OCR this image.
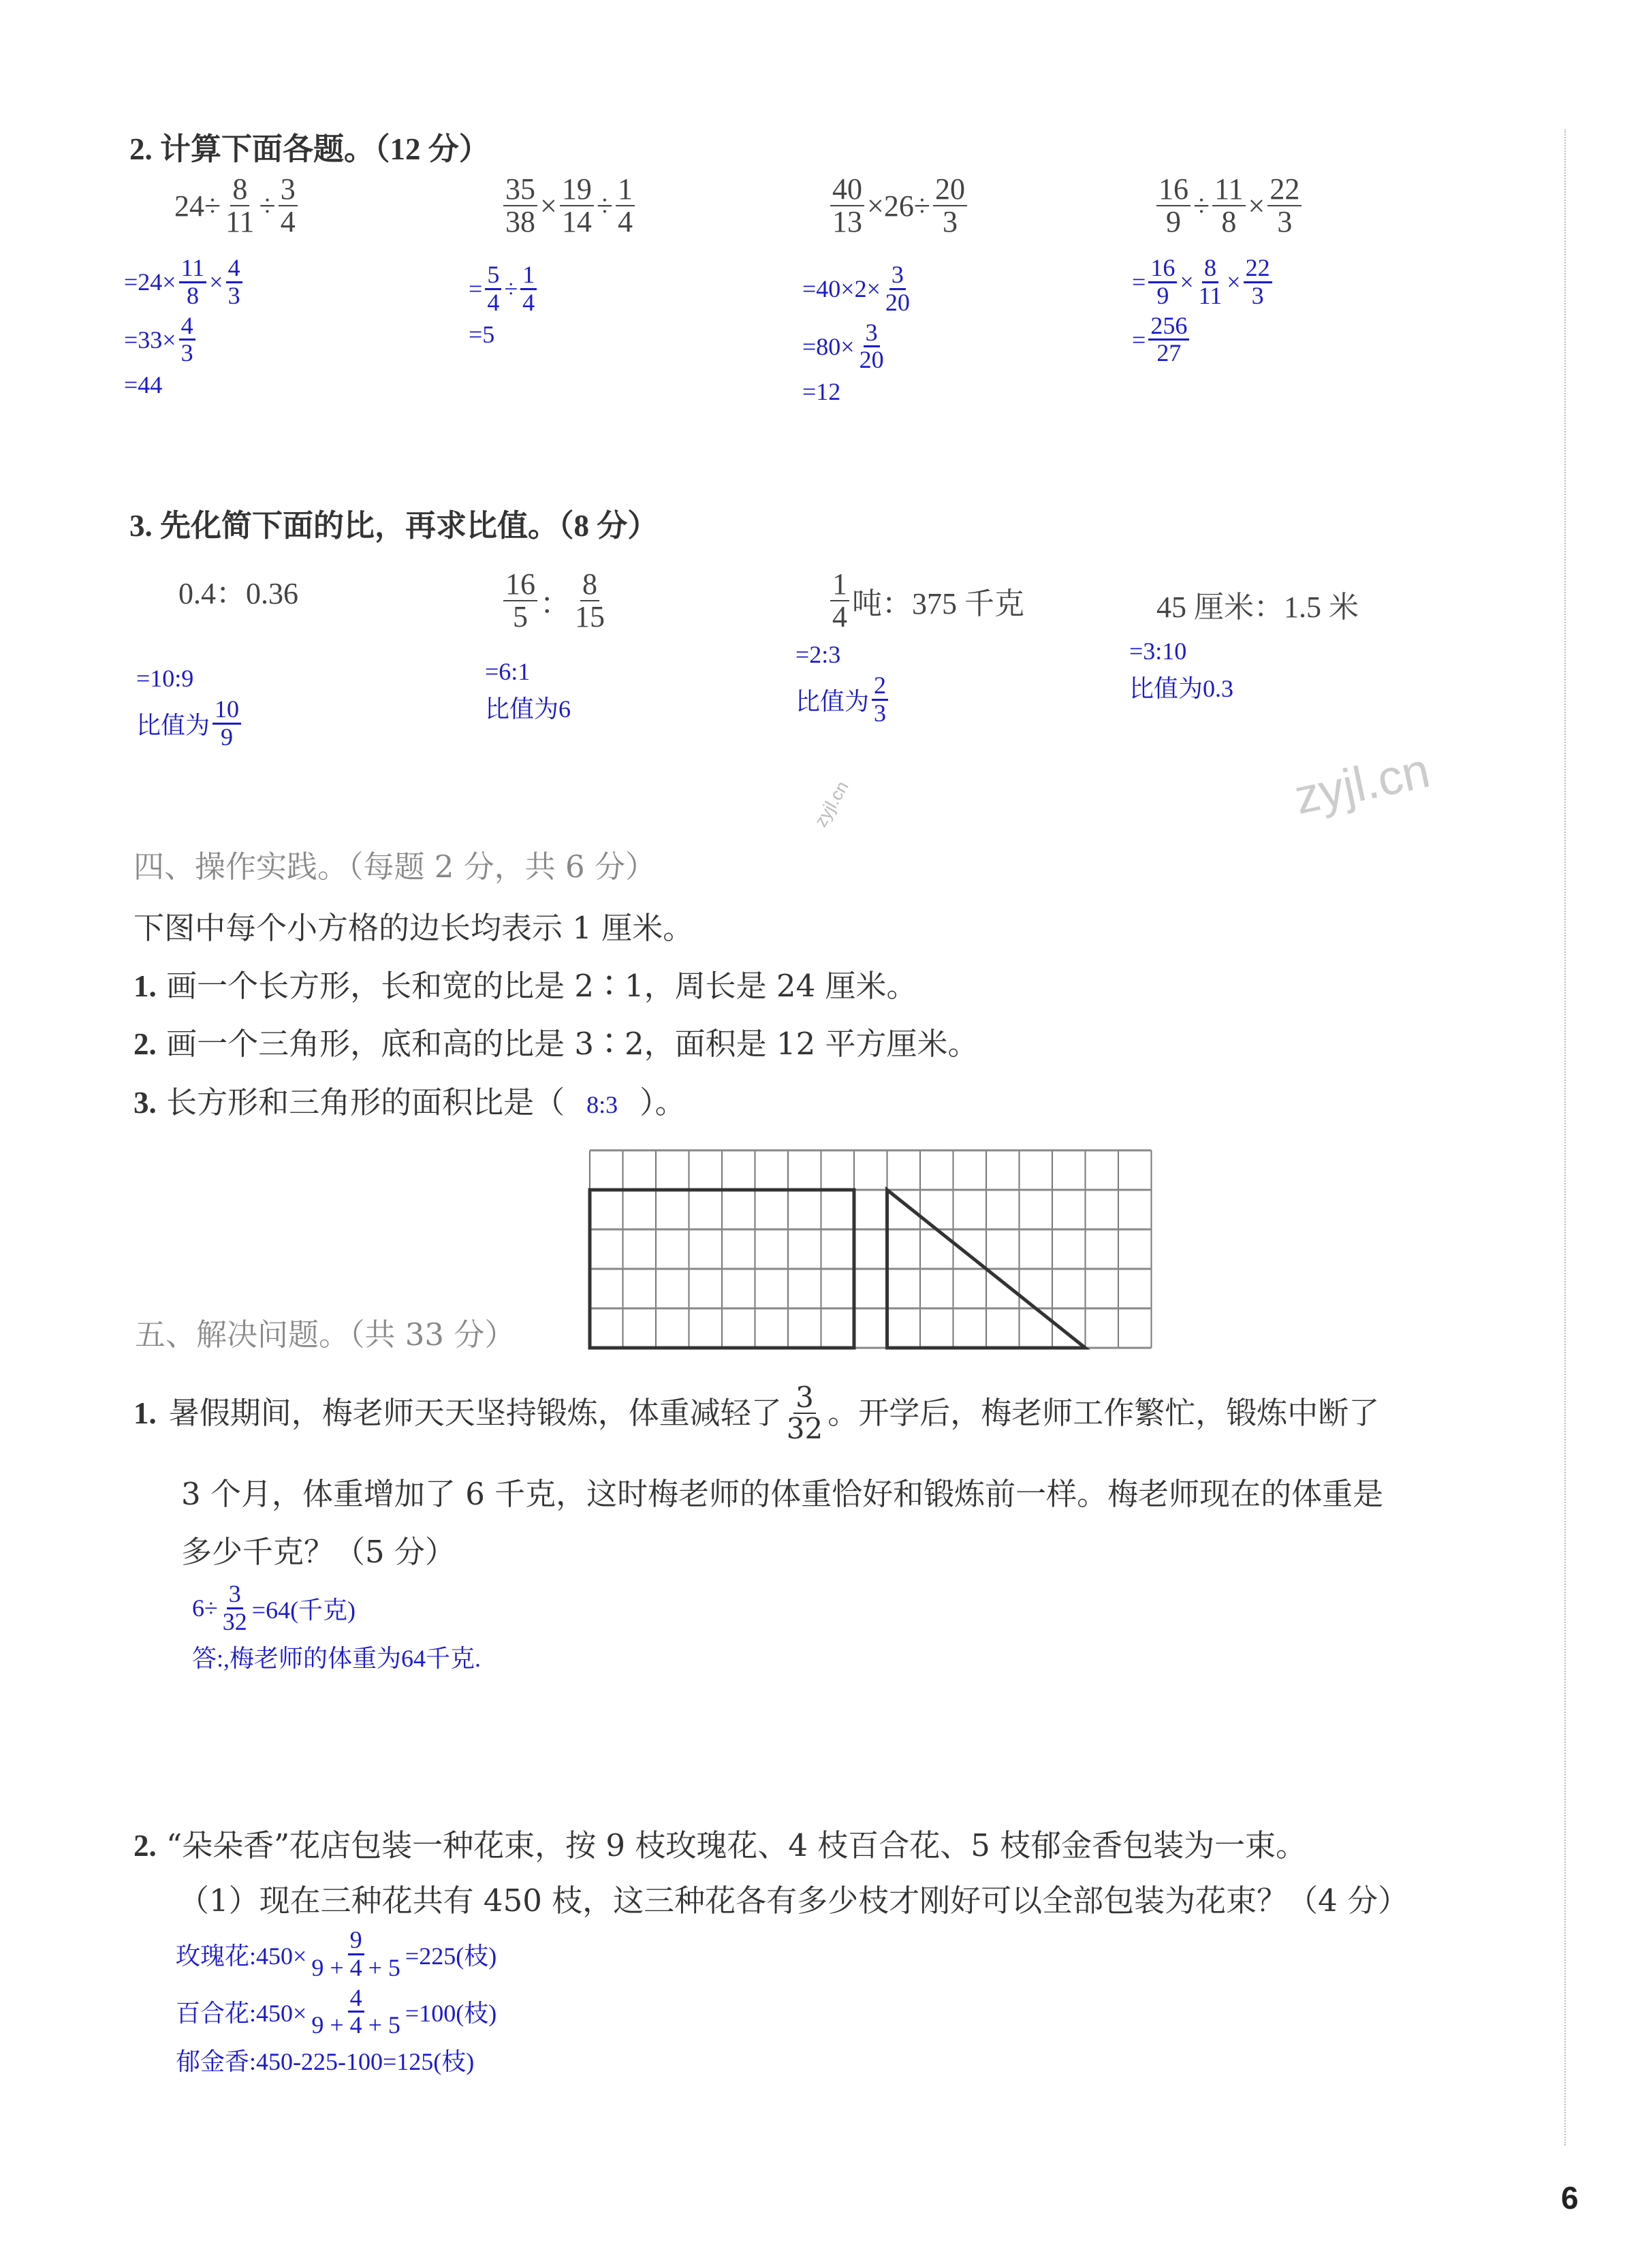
2. 计算下面各题。（12 分）
$24\div \frac{8}{11} \div \frac{3}{4}$	$\frac{35}{38} \times \frac{19}{14} \div \frac{1}{4}$	$\frac{40}{13} \times 26\div \frac{20}{3}$	$\frac{16}{9} \div \frac{11}{8} \times \frac{22}{3}$
$=24\times \frac{11}{8} \times \frac{4}{3}$
$=33\times \frac{4}{3}$
=44
= $\frac{5}{4} \div \frac{1}{4}$
=5
$=40\times 2\times \frac{3}{20}$
$=80\times \frac{3}{20}$
=12
= $\frac{16}{9} \times \frac{8}{11} \times \frac{22}{3}$
= $\frac{256}{27}$
3. 先化简下面的比，再求比值。（8 分）
0.4：0.36	$\frac{16}{5}$ ： $\frac{8}{15}$	$\frac{1}{4}$ 吨：375 千克	45 厘米：1.5 米
=10:9
比值为 $\frac{10}{9}$
=6:1
比值为6
=2:3
比值为 $\frac{2}{3}$
=3:10
比值为0.3
zyjl.cn
zyjl.cn
四、操作实践。（每题 2 分，共 6 分）
下图中每个小方格的边长均表示 1 厘米。
1. 画一个长方形，长和宽的比是 2∶1，周长是 24 厘米。
2. 画一个三角形，底和高的比是 3∶2，面积是 12 平方厘米。
3. 长方形和三角形的面积比是（ 8:3 ）。
五、解决问题。（共 33 分）
1. 暑假期间，梅老师天天坚持锻炼，体重减轻了 $\frac{3}{32}$ 。开学后，梅老师工作繁忙，锻炼中断了
3 个月，体重增加了 6 千克，这时梅老师的体重恰好和锻炼前一样。梅老师现在的体重是
多少千克？（5 分）
$6\div \frac{3}{32} =64$(千克)
答:,梅老师的体重为64千克.
2. “朵朵香”花店包装一种花束，按 9 枝玫瑰花、4 枝百合花、5 枝郁金香包装为一束。
（1）现在三种花共有 450 枝，这三种花各有多少枝才刚好可以全部包装为花束？（4 分）
玫瑰花:450× $\frac{9}{9 + 4 + 5} =225$(枝)
百合花:450× $\frac{4}{9 + 4 + 5} =100$(枝)
郁金香:450-225-100=125(枝)
6
